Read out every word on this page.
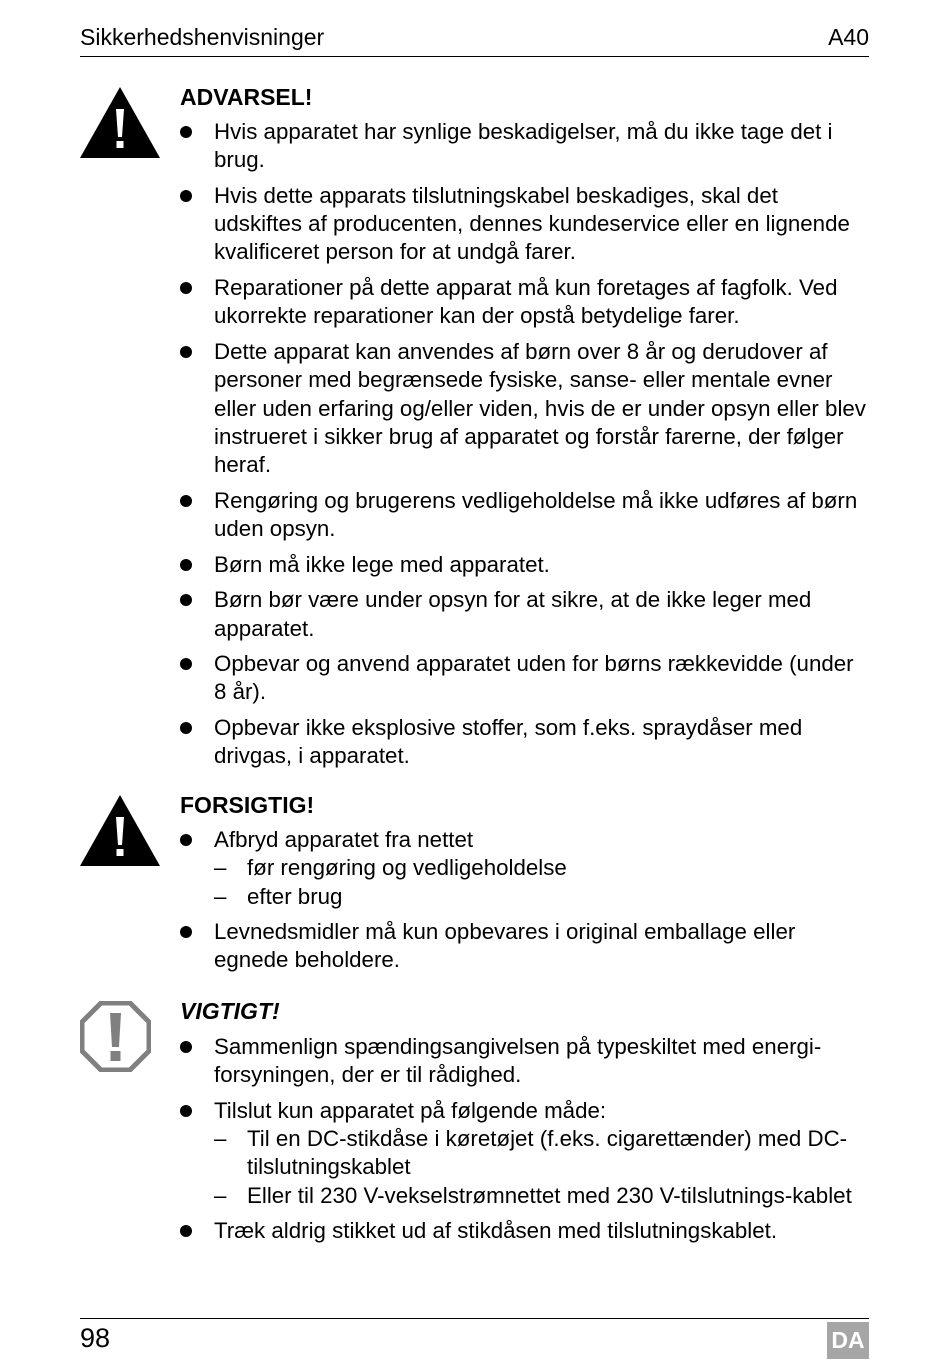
Sikkerhedshenvisninger	A40
ADVARSEL!
Hvis apparatet har synlige beskadigelser, må du ikke tage det i brug.
Hvis dette apparats tilslutningskabel beskadiges, skal det udskiftes af producenten, dennes kundeservice eller en lignende kvalificeret person for at undgå farer.
Reparationer på dette apparat må kun foretages af fagfolk. Ved ukorrekte reparationer kan der opstå betydelige farer.
Dette apparat kan anvendes af børn over 8 år og derudover af personer med begrænsede fysiske, sanse- eller mentale evner eller uden erfaring og/eller viden, hvis de er under opsyn eller blev instrueret i sikker brug af apparatet og forstår farerne, der følger heraf.
Rengøring og brugerens vedligeholdelse må ikke udføres af børn uden opsyn.
Børn må ikke lege med apparatet.
Børn bør være under opsyn for at sikre, at de ikke leger med apparatet.
Opbevar og anvend apparatet uden for børns rækkevidde (under 8 år).
Opbevar ikke eksplosive stoffer, som f.eks. spraydåser med drivgas, i apparatet.
FORSIGTIG!
Afbryd apparatet fra nettet
– før rengøring og vedligeholdelse
– efter brug
Levnedsmidler må kun opbevares i original emballage eller egnede beholdere.
VIGTIGT!
Sammenlign spændingsangivelsen på typeskiltet med energi-forsyningen, der er til rådighed.
Tilslut kun apparatet på følgende måde:
– Til en DC-stikdåse i køretøjet (f.eks. cigarettænder) med DC-tilslutningskablet
– Eller til 230 V-vekselstrømnettet med 230 V-tilslutnings-kablet
Træk aldrig stikket ud af stikdåsen med tilslutningskablet.
98	DA
